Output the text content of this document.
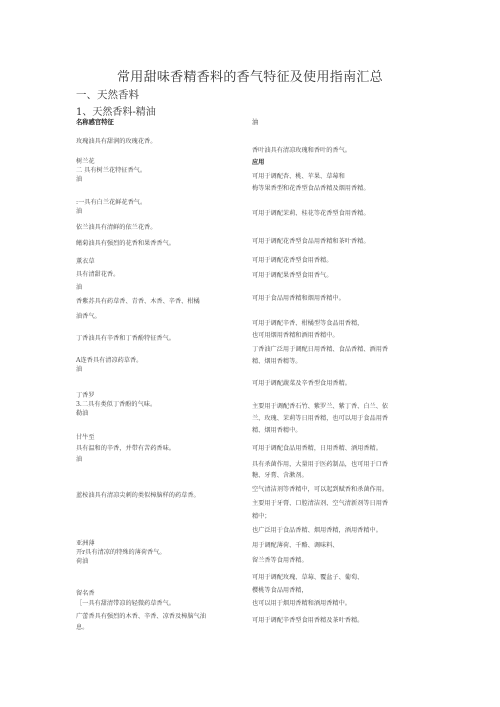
常用甜味香精香料的香气特征及使用指南汇总
一、天然香料
1、天然香料-精油
名称感官特征	油
玫瑰油具有甜润的玫瑰花香。
树兰花
二 具有树兰花特征香气。
油
:一具有白兰花鲜花香气。
油
依兰油具有清鲜的依兰花香。
鳍菊油具有强烈的花香和果香香气。
薰衣草
具有清甜花香。
油
香紫苏具有药草香、青香、木香、辛香、柑橘
油香气。
丁香油具有辛香和丁香酚特征香气。
A连香具有清凉药草香。
油
丁香罗
3.二具有类似丁香酚的气味。
勒油
甘牛至
具有温和的辛香，并带有苦药香味。
油
蓝桉油具有清凉尖刺的类似樟脑样的药草香。
亚洲薄
开r具有清凉的特殊的薄荷香气。
荷油
留名香
［一具有甜清带凉的轻微药草香气。
广蕾香具有强烈的木香、辛香、凉香及樟脑气油
息。
香叶油具有清凉玫瑰和香叶的香气。
应用
可用于调配杏、桃、苹果、草莓和
梅等果香型和花香型食品香精及烟用香精。
可用于调配茉莉、桂花等花香型食用香精。
可用于调配花香型食品用香精和茶叶香精。
可用于调配花香型食用香精。
可用于调配果香型食用香气。
可用于食品用香精和烟用香精中。
可用于调配辛香、柑橘型等食品用香精，
也可用烟用香精和酒用香精中。
丁香油广泛用于调配日用香精、食品香精、酒用香
精、烟用香精等。
可用于调配蔬菜及辛香型食用香精。
主要用于调配香石竹、紫罗兰、紫丁香、白兰、依
兰、玫瑰、茉莉等日用香精，也可以用于食品用香
精、烟用香精中。
可用于调配食品用香精，日用香精、酒用香精。
具有杀菌作用，大量用于医药制品，也可用于口香
糖、牙膏、含漱剂。
空气清洁剂等香精中，可以起到赋香和杀菌作用。
主要用于牙膏、口腔清洁剂、空气清新剂等日用香
精中；
也广泛用于食品香精、烟用香精，酒用香精中。
用于调配薄荷、千酪、调味料、
留兰香等食用香精。
可用于调配玫瑰、草莓、覆盆子、葡萄、
樱桃等食品用香精，
也可以用于烟用香精和酒用香精中。
可用于调配辛香型食用香精及茶叶香精。
